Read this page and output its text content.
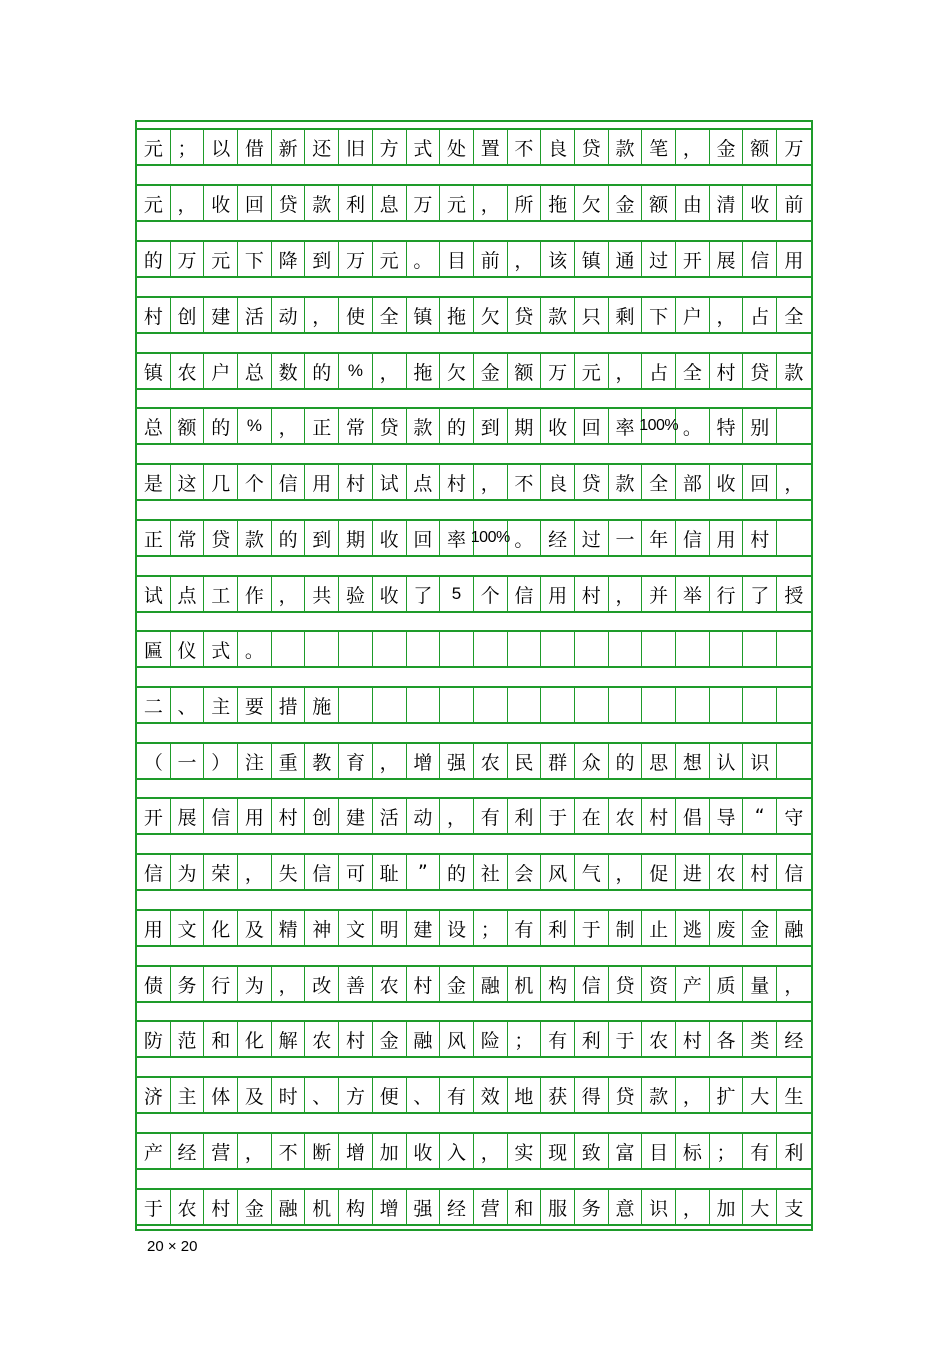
元 ； 以 借 新 还 旧 方 式 处 置 不 良 贷 款 笔 ， 金 额 万
元 ， 收 回 贷 款 利 息 万 元 ， 所 拖 欠 金 额 由 清 收 前
的 万 元 下 降 到 万 元 。 目 前 ， 该 镇 通 过 开 展 信 用
村 创 建 活 动 ， 使 全 镇 拖 欠 贷 款 只 剩 下 户 ， 占 全
镇 农 户 总 数 的 % ， 拖 欠 金 额 万 元 ， 占 全 村 贷 款
总 额 的 % ， 正 常 贷 款 的 到 期 收 回 率 100% 。 特 别
是 这 几 个 信 用 村 试 点 村 ， 不 良 贷 款 全 部 收 回 ，
正 常 贷 款 的 到 期 收 回 率 100% 。 经 过 一 年 信 用 村
试 点 工 作 ， 共 验 收 了	5	个 信 用 村 ， 并 举 行 了 授
匾 仪 式 。
二 、 主 要 措 施
（ 一 ） 注 重 教 育 ， 增 强 农 民 群 众 的 思 想 认 识
开 展 信 用 村 创 建 活 动 ， 有 利 于 在 农 村 倡 导	“	守
信 为 荣 ， 失 信 可 耻	”	的 社 会 风 气 ， 促 进 农 村 信
用 文 化 及 精 神 文 明 建 设 ； 有 利 于 制 止 逃 废 金 融
债 务 行 为 ， 改 善 农 村 金 融 机 构 信 贷 资 产 质 量 ，
防 范 和 化 解 农 村 金 融 风 险 ； 有 利 于 农 村 各 类 经
济 主 体 及 时 、 方 便 、 有 效 地 获 得 贷 款 ， 扩 大 生
产 经 营 ， 不 断 增 加 收 入 ， 实 现 致 富 目 标 ； 有 利
于 农 村 金 融 机 构 增 强 经 营 和 服 务 意 识 ， 加 大 支
20 × 20
